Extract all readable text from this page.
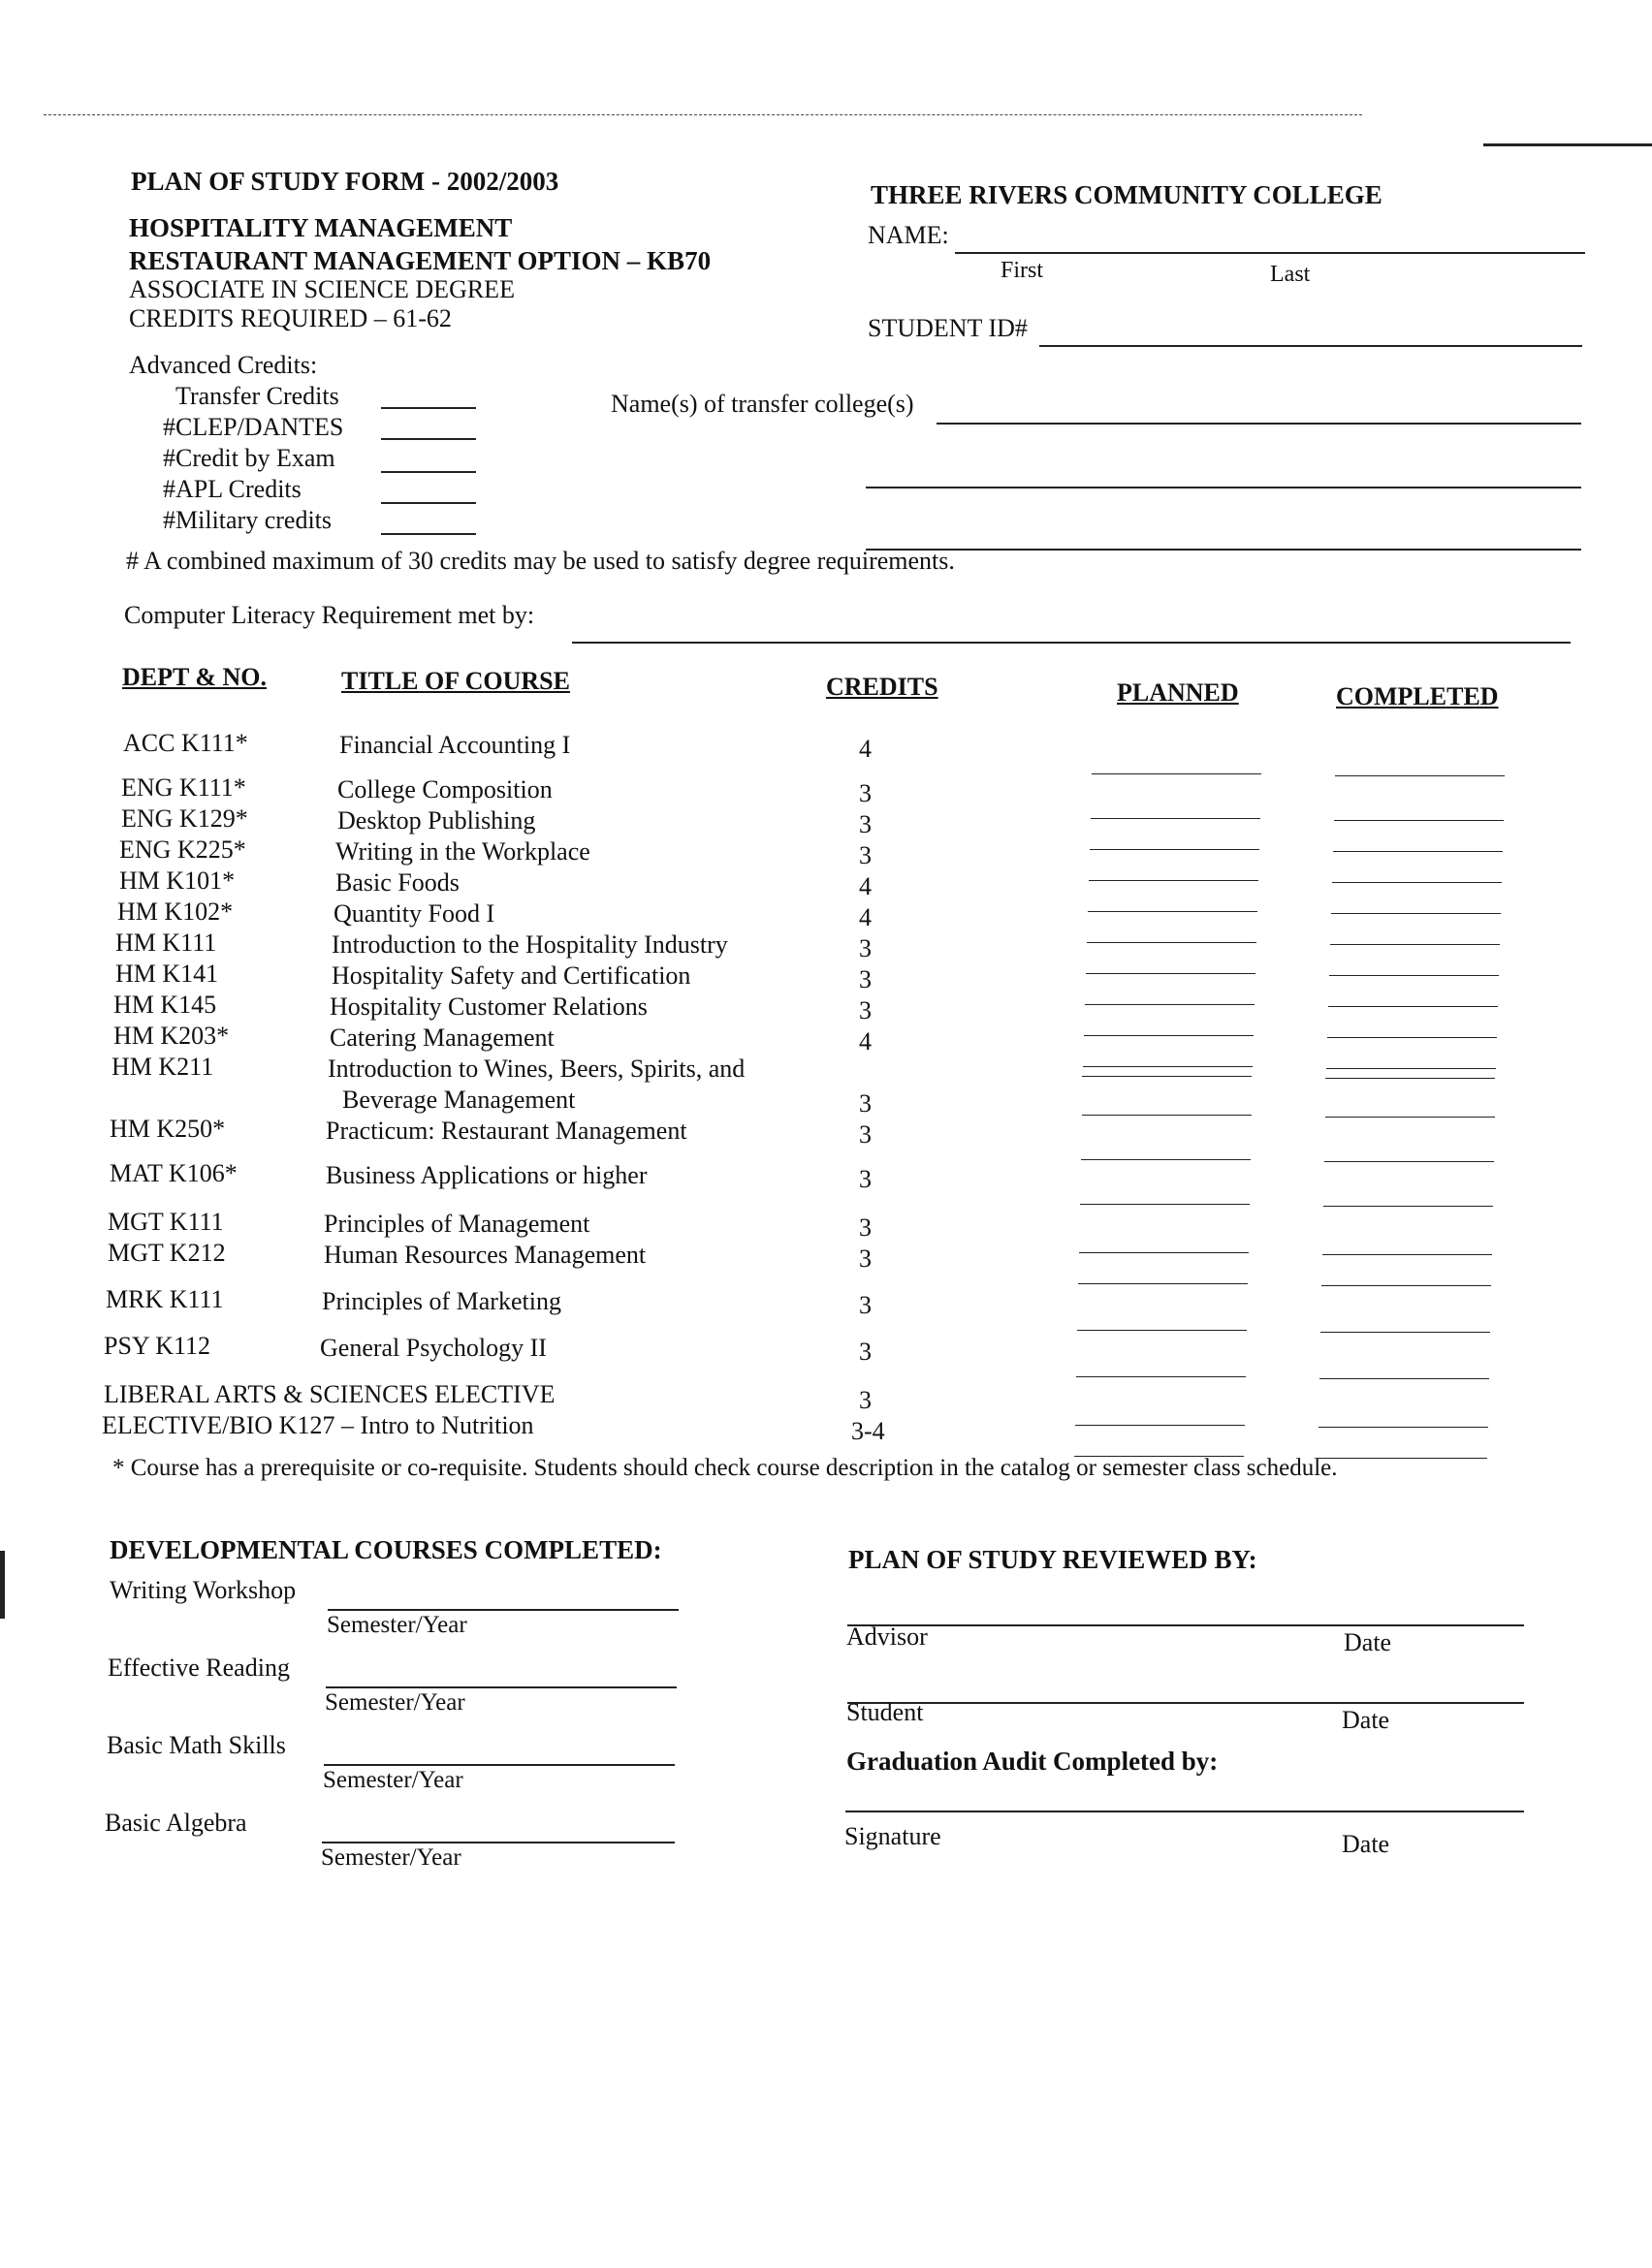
PLAN OF STUDY FORM - 2002/2003
HOSPITALITY MANAGEMENT
RESTAURANT MANAGEMENT OPTION – KB70
ASSOCIATE IN SCIENCE DEGREE
CREDITS REQUIRED – 61-62
THREE RIVERS COMMUNITY COLLEGE
NAME:
First	Last
STUDENT ID#
Advanced Credits:
Transfer Credits
#CLEP/DANTES
#Credit by Exam
#APL Credits
#Military credits
Name(s) of transfer college(s)
# A combined maximum of 30 credits may be used to satisfy degree requirements.
Computer Literacy Requirement met by:
DEPT & NO.	TITLE OF COURSE	CREDITS	PLANNED	COMPLETED
ACC K111*	Financial Accounting I	4
ENG K111*	College Composition	3
ENG K129*	Desktop Publishing	3
ENG K225*	Writing in the Workplace	3
HM K101*	Basic Foods	4
HM K102*	Quantity Food I	4
HM K111	Introduction to the Hospitality Industry	3
HM K141	Hospitality Safety and Certification	3
HM K145	Hospitality Customer Relations	3
HM K203*	Catering Management	4
HM K211	Introduction to Wines, Beers, Spirits, and
Beverage Management	3
HM K250*	Practicum: Restaurant Management	3
MAT K106*	Business Applications or higher	3
MGT K111	Principles of Management	3
MGT K212	Human Resources Management	3
MRK K111	Principles of Marketing	3
PSY K112	General Psychology II	3
LIBERAL ARTS & SCIENCES ELECTIVE	3
ELECTIVE/BIO K127 – Intro to Nutrition	3-4
* Course has a prerequisite or co-requisite. Students should check course description in the catalog or semester class schedule.
DEVELOPMENTAL COURSES COMPLETED:
Writing Workshop
Semester/Year
Effective Reading
Semester/Year
Basic Math Skills
Semester/Year
Basic Algebra
Semester/Year
PLAN OF STUDY REVIEWED BY:
Advisor	Date
Student	Date
Graduation Audit Completed by:
Signature	Date
